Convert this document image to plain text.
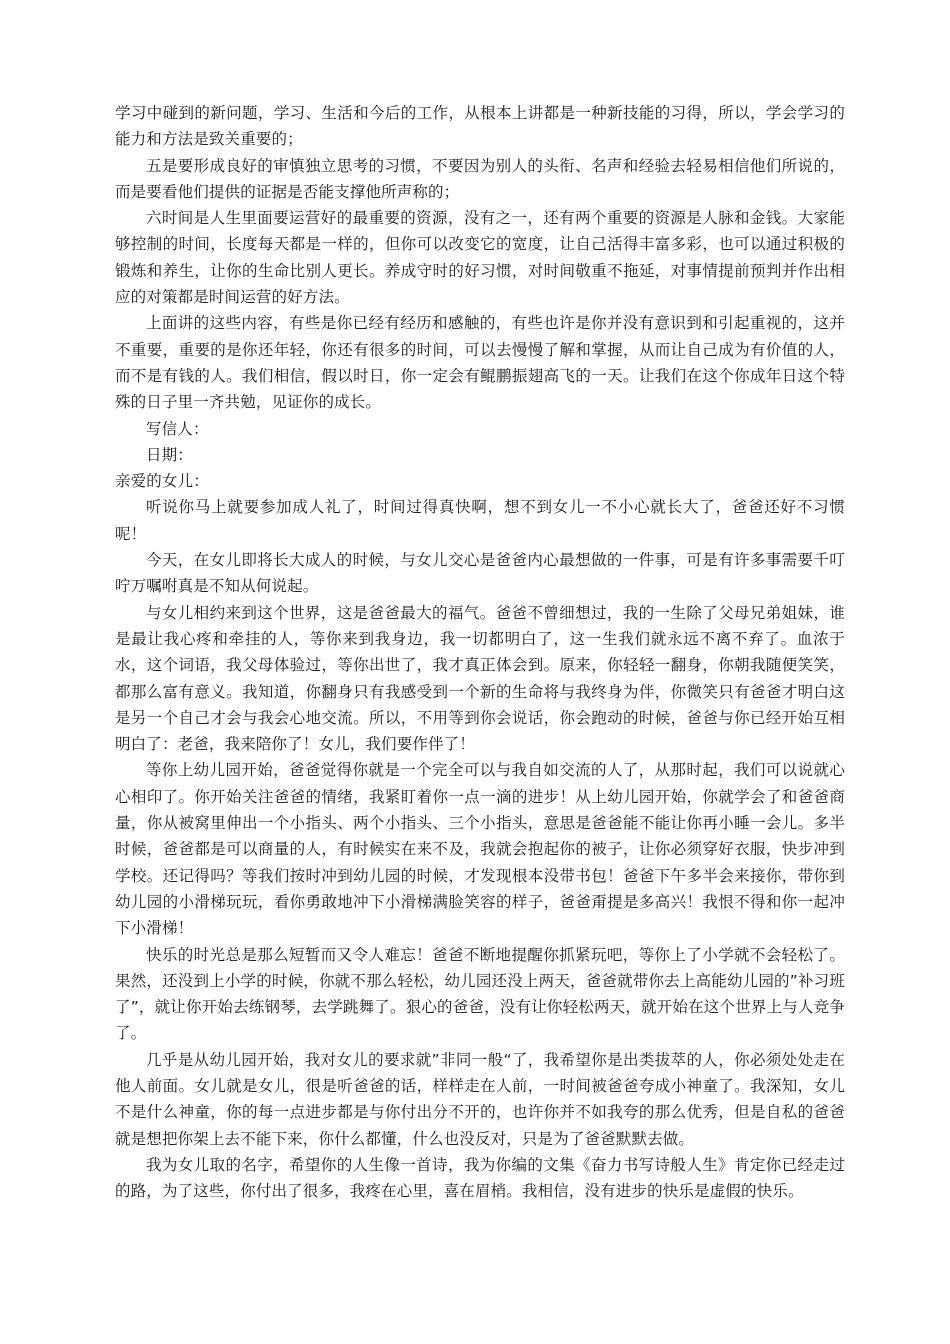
学习中碰到的新问题，学习、生活和今后的工作，从根本上讲都是一种新技能的习得，所以，学会学习的能力和方法是致关重要的；

五是要形成良好的审慎独立思考的习惯，不要因为别人的头衔、名声和经验去轻易相信他们所说的，而是要看他们提供的证据是否能支撑他所声称的；

六时间是人生里面要运营好的最重要的资源，没有之一，还有两个重要的资源是人脉和金钱。大家能够控制的时间，长度每天都是一样的，但你可以改变它的宽度，让自己活得丰富多彩，也可以通过积极的锻炼和养生，让你的生命比别人更长。养成守时的好习惯，对时间敬重不拖延，对事情提前预判并作出相应的对策都是时间运营的好方法。

上面讲的这些内容，有些是你已经有经历和感触的，有些也许是你并没有意识到和引起重视的，这并不重要，重要的是你还年轻，你还有很多的时间，可以去慢慢了解和掌握，从而让自己成为有价值的人，而不是有钱的人。我们相信，假以时日，你一定会有鲲鹏振翅高飞的一天。让我们在这个你成年日这个特殊的日子里一齐共勉，见证你的成长。

写信人：

日期：

亲爱的女儿：

听说你马上就要参加成人礼了，时间过得真快啊，想不到女儿一不小心就长大了，爸爸还好不习惯呢！

今天，在女儿即将长大成人的时候，与女儿交心是爸爸内心最想做的一件事，可是有许多事需要千叮咛万嘱咐真是不知从何说起。

与女儿相约来到这个世界，这是爸爸最大的福气。爸爸不曾细想过，我的一生除了父母兄弟姐妹，谁是最让我心疼和牵挂的人，等你来到我身边，我一切都明白了，这一生我们就永远不离不弃了。血浓于水，这个词语，我父母体验过，等你出世了，我才真正体会到。原来，你轻轻一翻身，你朝我随便笑笑，都那么富有意义。我知道，你翻身只有我感受到一个新的生命将与我终身为伴，你微笑只有爸爸才明白这是另一个自己才会与我会心地交流。所以，不用等到你会说话，你会跑动的时候，爸爸与你已经开始互相明白了：老爸，我来陪你了！女儿，我们要作伴了！

等你上幼儿园开始，爸爸觉得你就是一个完全可以与我自如交流的人了，从那时起，我们可以说就心心相印了。你开始关注爸爸的情绪，我紧盯着你一点一滴的进步！从上幼儿园开始，你就学会了和爸爸商量，你从被窝里伸出一个小指头、两个小指头、三个小指头，意思是爸爸能不能让你再小睡一会儿。多半时候，爸爸都是可以商量的人，有时候实在来不及，我就会抱起你的被子，让你必须穿好衣服，快步冲到学校。还记得吗？等我们按时冲到幼儿园的时候，才发现根本没带书包！爸爸下午多半会来接你，带你到幼儿园的小滑梯玩玩，看你勇敢地冲下小滑梯满脸笑容的样子，爸爸甭提是多高兴！我恨不得和你一起冲下小滑梯！

快乐的时光总是那么短暂而又令人难忘！爸爸不断地提醒你抓紧玩吧，等你上了小学就不会轻松了。果然，还没到上小学的时候，你就不那么轻松，幼儿园还没上两天，爸爸就带你去上高能幼儿园的”补习班了”，就让你开始去练钢琴，去学跳舞了。狠心的爸爸，没有让你轻松两天，就开始在这个世界上与人竞争了。

几乎是从幼儿园开始，我对女儿的要求就”非同一般“了，我希望你是出类拔萃的人，你必须处处走在他人前面。女儿就是女儿，很是听爸爸的话，样样走在人前，一时间被爸爸夸成小神童了。我深知，女儿不是什么神童，你的每一点进步都是与你付出分不开的，也许你并不如我夸的那么优秀，但是自私的爸爸就是想把你架上去不能下来，你什么都懂，什么也没反对，只是为了爸爸默默去做。

我为女儿取的名字，希望你的人生像一首诗，我为你编的文集《奋力书写诗般人生》肯定你已经走过的路，为了这些，你付出了很多，我疼在心里，喜在眉梢。我相信，没有进步的快乐是虚假的快乐。
